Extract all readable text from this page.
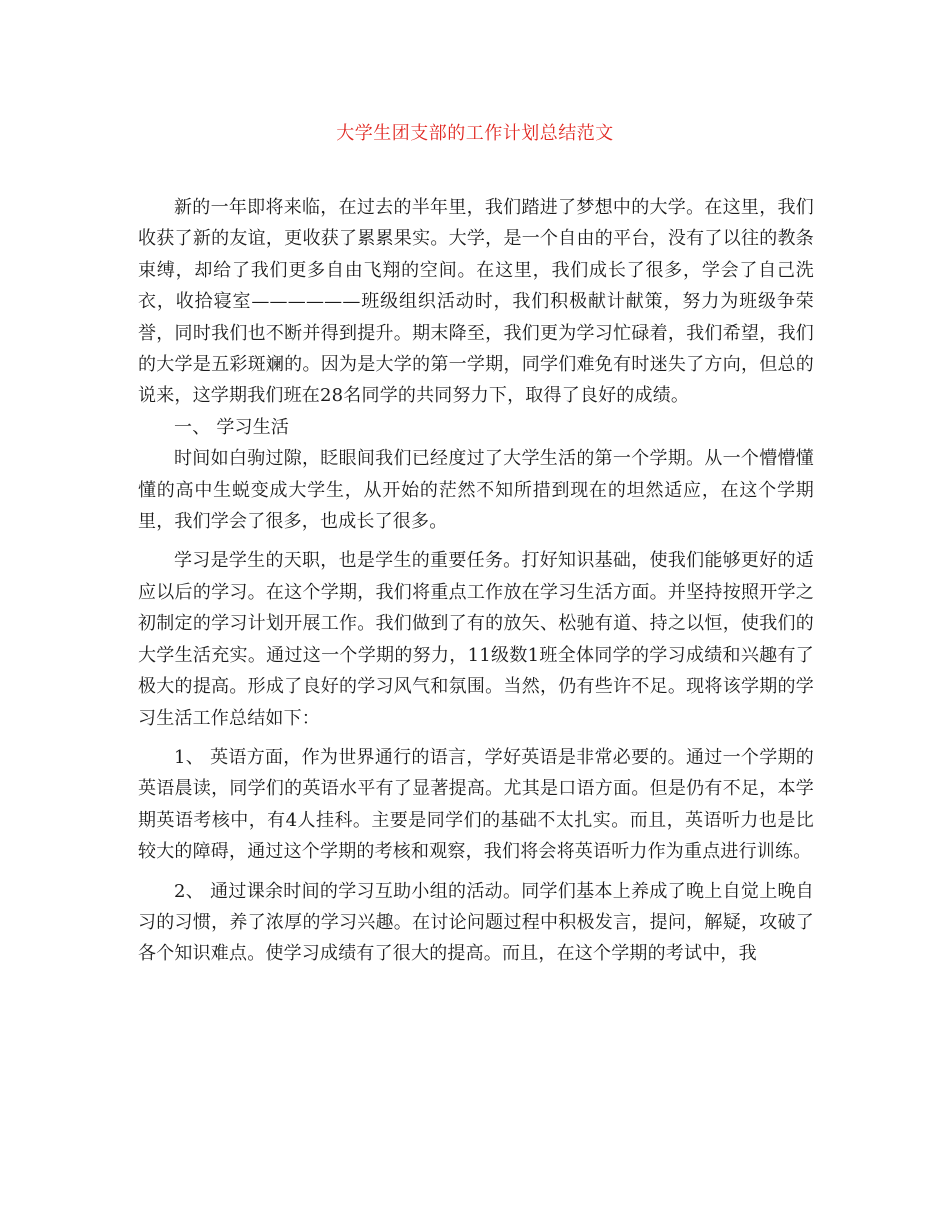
大学生团支部的工作计划总结范文

新的一年即将来临，在过去的半年里，我们踏进了梦想中的大学。在这里，我们收获了新的友谊，更收获了累累果实。大学，是一个自由的平台，没有了以往的教条束缚，却给了我们更多自由飞翔的空间。在这里，我们成长了很多，学会了自己洗衣，收拾寝室——————班级组织活动时，我们积极献计献策，努力为班级争荣誉，同时我们也不断并得到提升。期末降至，我们更为学习忙碌着，我们希望，我们的大学是五彩斑斓的。因为是大学的第一学期，同学们难免有时迷失了方向，但总的说来，这学期我们班在28名同学的共同努力下，取得了良好的成绩。

一、 学习生活

时间如白驹过隙，眨眼间我们已经度过了大学生活的第一个学期。从一个懵懵懂懂的高中生蜕变成大学生，从开始的茫然不知所措到现在的坦然适应，在这个学期里，我们学会了很多，也成长了很多。

学习是学生的天职，也是学生的重要任务。打好知识基础，使我们能够更好的适应以后的学习。在这个学期，我们将重点工作放在学习生活方面。并坚持按照开学之初制定的学习计划开展工作。我们做到了有的放矢、松驰有道、持之以恒，使我们的大学生活充实。通过这一个学期的努力，11级数1班全体同学的学习成绩和兴趣有了极大的提高。形成了良好的学习风气和氛围。当然，仍有些许不足。现将该学期的学习生活工作总结如下：

1、 英语方面，作为世界通行的语言，学好英语是非常必要的。通过一个学期的英语晨读，同学们的英语水平有了显著提高。尤其是口语方面。但是仍有不足，本学期英语考核中，有4人挂科。主要是同学们的基础不太扎实。而且，英语听力也是比较大的障碍，通过这个学期的考核和观察，我们将会将英语听力作为重点进行训练。

2、 通过课余时间的学习互助小组的活动。同学们基本上养成了晚上自觉上晚自习的习惯，养了浓厚的学习兴趣。在讨论问题过程中积极发言，提问，解疑，攻破了各个知识难点。使学习成绩有了很大的提高。而且，在这个学期的考试中，我
